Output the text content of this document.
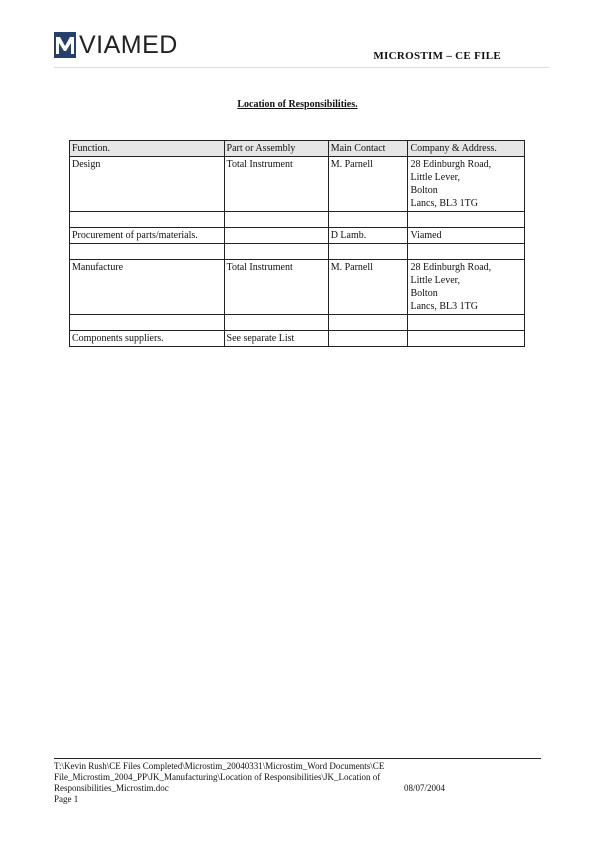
VIAMED	MICROSTIM – CE FILE
Location of Responsibilities.
Function.	Part or Assembly	Main Contact	Company & Address.
Design	Total Instrument	M. Parnell	28 Edinburgh Road,
Little Lever,
Bolton
Lancs, BL3 1TG

Procurement of parts/materials.		D Lamb.	Viamed

Manufacture	Total Instrument	M. Parnell	28 Edinburgh Road,
Little Lever,
Bolton
Lancs, BL3 1TG

Components suppliers.	See separate List		
T:\Kevin Rush\CE Files Completed\Microstim_20040331\Microstim_Word Documents\CE
File_Microstim_2004_PP\JK_Manufacturing\Location of Responsibilities\JK_Location of
Responsibilities_Microstim.doc
Page 1
08/07/2004
